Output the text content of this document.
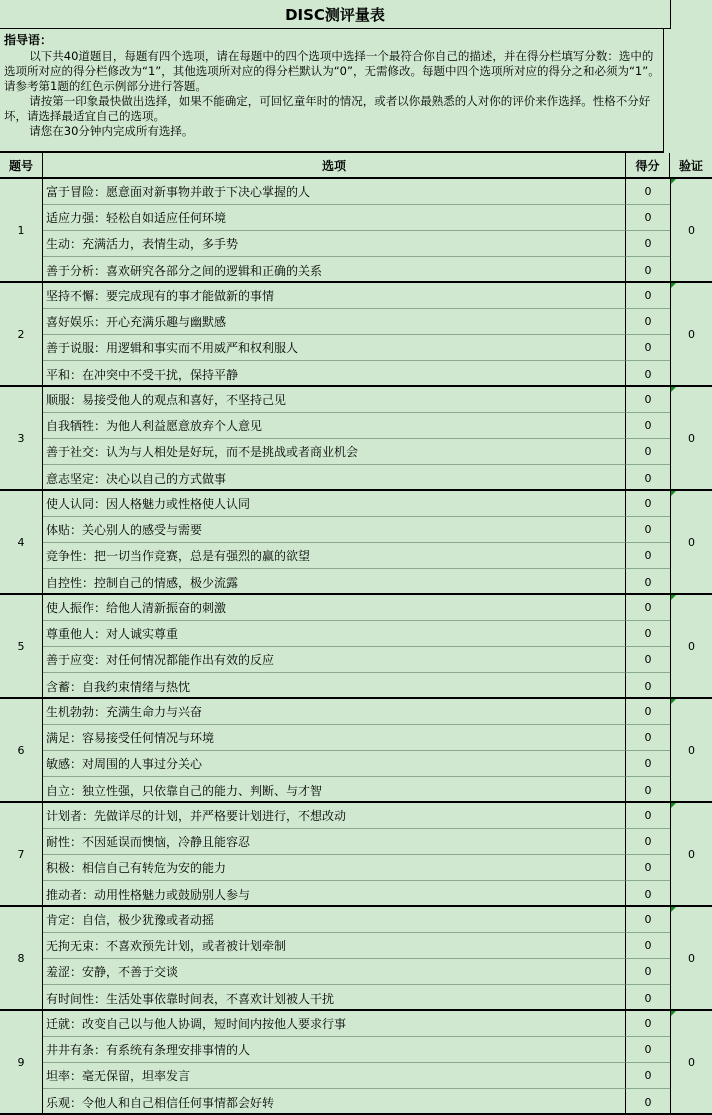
DISC测评量表
指导语：

以下共40道题目，每题有四个选项，请在每题中的四个选项中选择一个最符合你自己的描述，并在得分栏填写分数：选中的选项所对应的得分栏修改为“1”，其他选项所对应的得分栏默认为“0”，无需修改。每题中四个选项所对应的得分之和必须为“1”。请参考第1题的红色示例部分进行答题。

请按第一印象最快做出选择，如果不能确定，可回忆童年时的情况，或者以你最熟悉的人对你的评价来作选择。性格不分好坏，请选择最适宜自己的选项。

请您在30分钟内完成所有选择。

题号	选项	得分	验证
1
富于冒险：愿意面对新事物并敢于下决心掌握的人	0
适应力强：轻松自如适应任何环境	0
生动：充满活力，表情生动，多手势	0
善于分析：喜欢研究各部分之间的逻辑和正确的关系	0
0
2
坚持不懈：要完成现有的事才能做新的事情	0
喜好娱乐：开心充满乐趣与幽默感	0
善于说服：用逻辑和事实而不用威严和权利服人	0
平和：在冲突中不受干扰，保持平静	0
0
3
顺服：易接受他人的观点和喜好，不坚持己见	0
自我牺牲：为他人利益愿意放弃个人意见	0
善于社交：认为与人相处是好玩，而不是挑战或者商业机会	0
意志坚定：决心以自己的方式做事	0
0
4
使人认同：因人格魅力或性格使人认同	0
体贴：关心别人的感受与需要	0
竞争性：把一切当作竞赛，总是有强烈的赢的欲望	0
自控性：控制自己的情感，极少流露	0
0
5
使人振作：给他人清新振奋的刺激	0
尊重他人：对人诚实尊重	0
善于应变：对任何情况都能作出有效的反应	0
含蓄：自我约束情绪与热忱	0
0
6
生机勃勃：充满生命力与兴奋	0
满足：容易接受任何情况与环境	0
敏感：对周围的人事过分关心	0
自立：独立性强，只依靠自己的能力、判断、与才智	0
0
7
计划者：先做详尽的计划，并严格要计划进行，不想改动	0
耐性：不因延误而懊恼，冷静且能容忍	0
积极：相信自己有转危为安的能力	0
推动者：动用性格魅力或鼓励别人参与	0
0
8
肯定：自信，极少犹豫或者动摇	0
无拘无束：不喜欢预先计划，或者被计划牵制	0
羞涩：安静，不善于交谈	0
有时间性：生活处事依靠时间表，不喜欢计划被人干扰	0
0
9
迁就：改变自己以与他人协调，短时间内按他人要求行事	0
井井有条：有系统有条理安排事情的人	0
坦率：毫无保留，坦率发言	0
乐观：令他人和自己相信任何事情都会好转	0
0
